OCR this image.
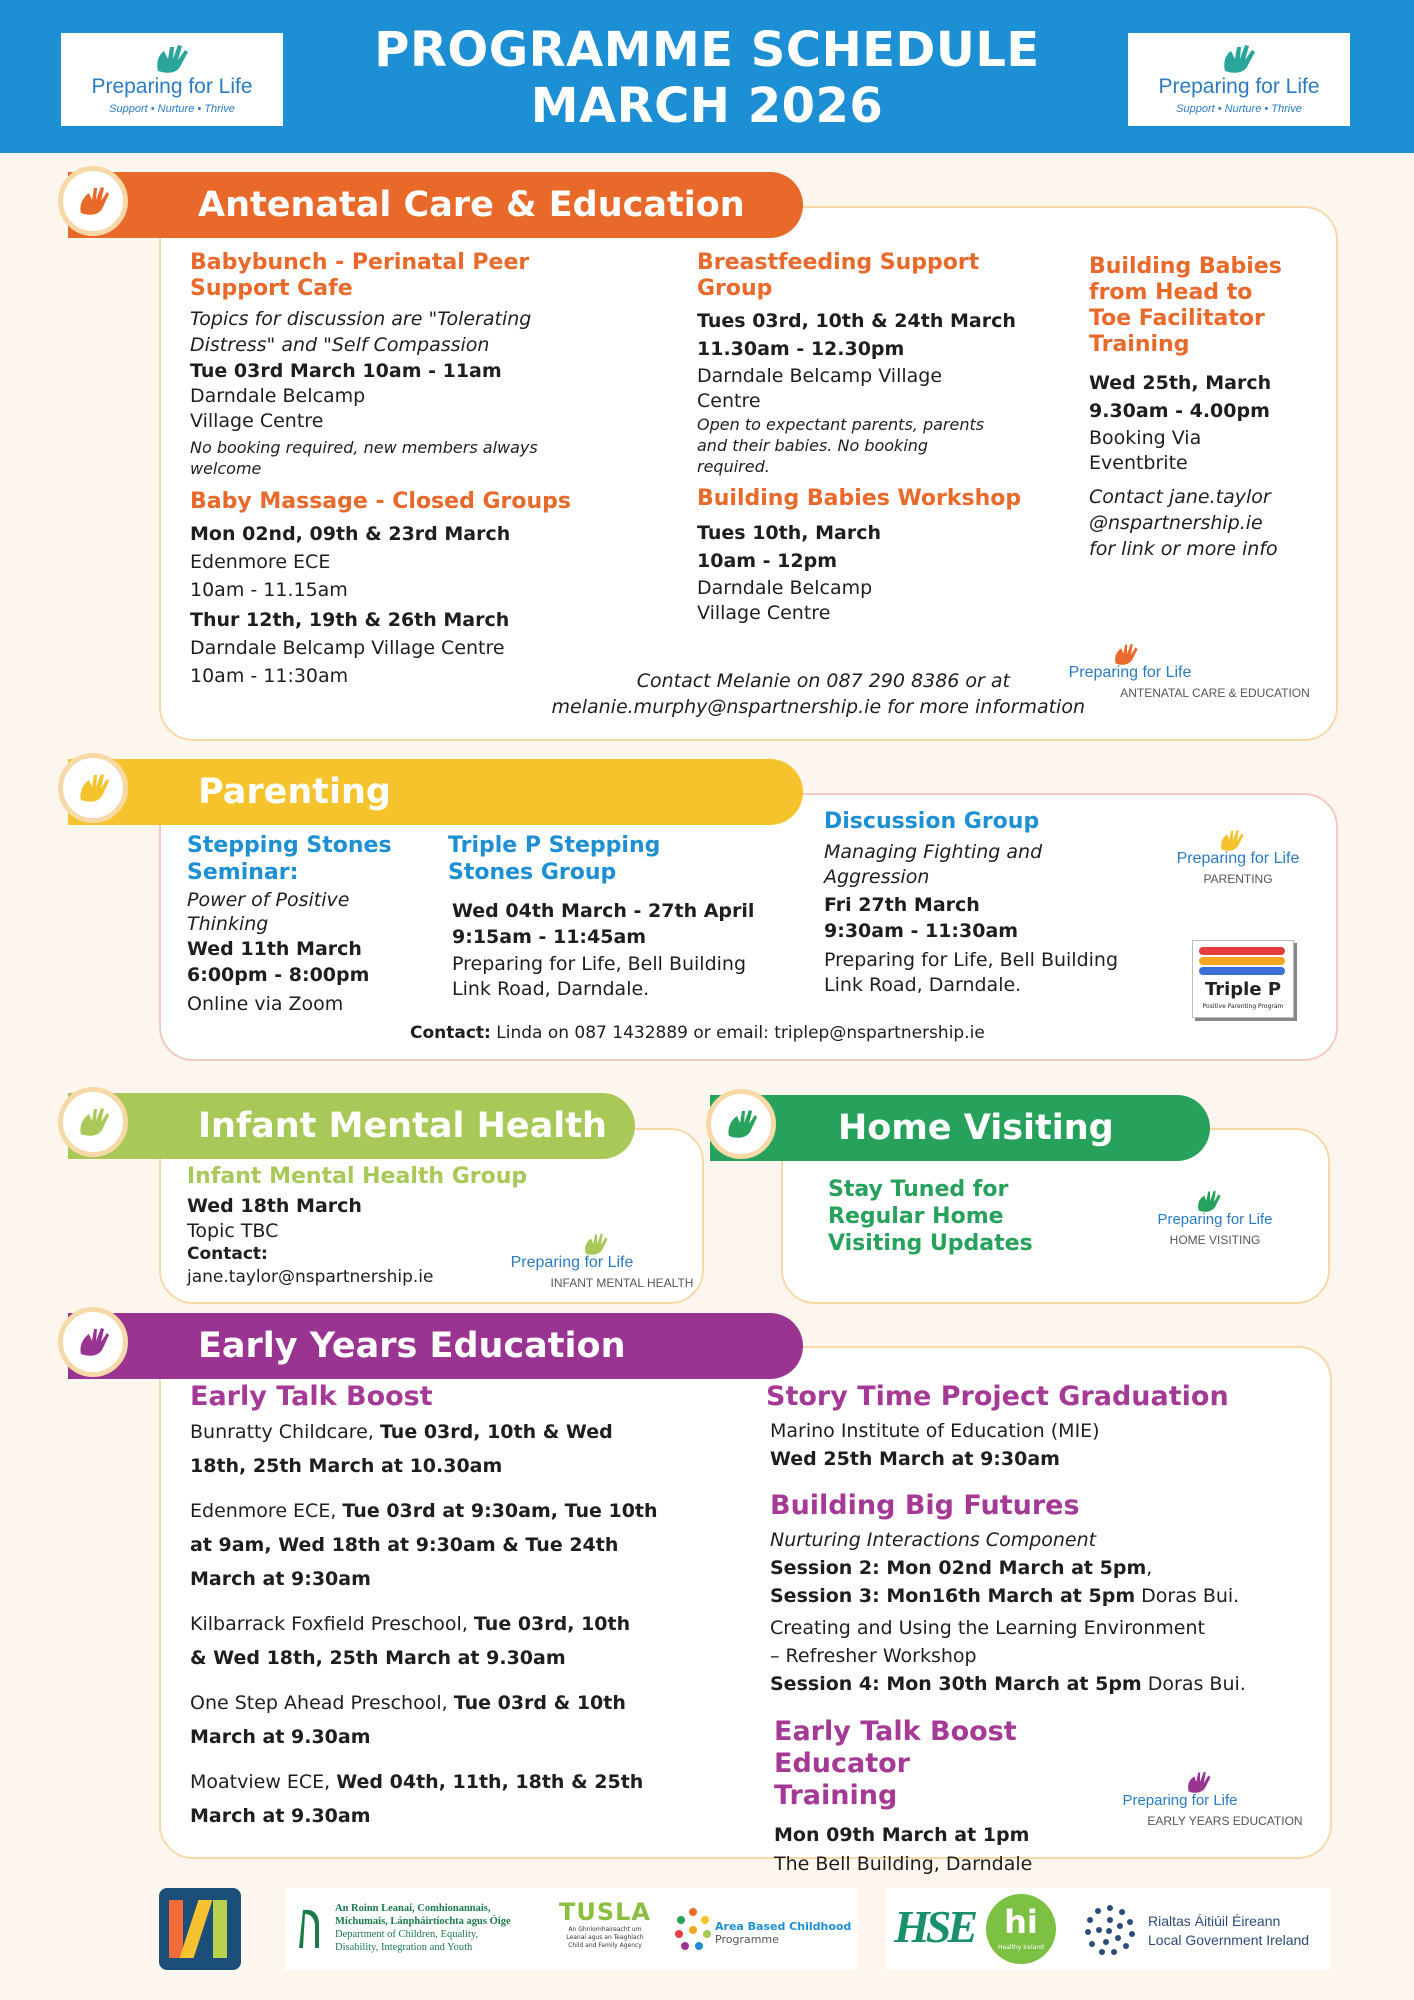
Preparing for Life
Support • Nurture • Thrive
PROGRAMME SCHEDULE
MARCH 2026	Preparing for Life
Support • Nurture • Thrive
Antenatal Care & Education
Babybunch - Perinatal Peer
Support Cafe
Topics for discussion are "Tolerating
Distress" and "Self Compassion
Tue 03rd March 10am - 11am
Darndale Belcamp
Village Centre
No booking required, new members always
welcome
Baby Massage - Closed Groups
Mon 02nd, 09th & 23rd March
Edenmore ECE
10am - 11.15am
Thur 12th, 19th & 26th March
Darndale Belcamp Village Centre
10am - 11:30am
Breastfeeding Support
Group
Tues 03rd, 10th & 24th March
11.30am - 12.30pm
Darndale Belcamp Village
Centre
Open to expectant parents, parents
and their babies. No booking
required.
Building Babies Workshop
Tues 10th, March
10am - 12pm
Darndale Belcamp
Village Centre
Building Babies
from Head to
Toe Facilitator
Training
Wed 25th, March
9.30am - 4.00pm
Booking Via
Eventbrite
Contact jane.taylor
@nspartnership.ie
for link or more info
Contact Melanie on 087 290 8386 or at
melanie.murphy@nspartnership.ie for more information
Preparing for Life
ANTENATAL CARE & EDUCATION
Parenting
Stepping Stones
Seminar:
Power of Positive
Thinking
Wed 11th March
6:00pm - 8:00pm
Online via Zoom
Triple P Stepping
Stones Group
Wed 04th March - 27th April
9:15am - 11:45am
Preparing for Life, Bell Building
Link Road, Darndale.
Discussion Group
Managing Fighting and
Aggression
Fri 27th March
9:30am - 11:30am
Preparing for Life, Bell Building
Link Road, Darndale.
Preparing for Life
PARENTING
Triple P
Positive Parenting Program
Contact: Linda on 087 1432889 or email: triplep@nspartnership.ie
Infant Mental Health
Infant Mental Health Group
Wed 18th March
Topic TBC
Contact:
jane.taylor@nspartnership.ie
Preparing for Life
INFANT MENTAL HEALTH
Home Visiting
Stay Tuned for
Regular Home
Visiting Updates
Preparing for Life
HOME VISITING
Early Years Education
Early Talk Boost
Bunratty Childcare, Tue 03rd, 10th & Wed
18th, 25th March at 10.30am
Edenmore ECE, Tue 03rd at 9:30am, Tue 10th
at 9am, Wed 18th at 9:30am & Tue 24th
March at 9:30am
Kilbarrack Foxfield Preschool, Tue 03rd, 10th
& Wed 18th, 25th March at 9.30am
One Step Ahead Preschool, Tue 03rd & 10th
March at 9.30am
Moatview ECE, Wed 04th, 11th, 18th & 25th
March at 9.30am
Story Time Project Graduation
Marino Institute of Education (MIE)
Wed 25th March at 9:30am
Building Big Futures
Nurturing Interactions Component
Session 2: Mon 02nd March at 5pm,
Session 3: Mon16th March at 5pm Doras Bui.
Creating and Using the Learning Environment
– Refresher Workshop
Session 4: Mon 30th March at 5pm Doras Bui.
Early Talk Boost Educator
Training
Mon 09th March at 1pm
The Bell Building, Darndale
Preparing for Life
EARLY YEARS EDUCATION
An Roinn Leanaí, Comhionannais,
Míchumais, Lánpháirtíochta agus Óige
Department of Children, Equality,
Disability, Integration and Youth
TUSLA
An Ghníomhaireacht um
Leanaí agus an Teaghlach
Child and Family Agency
Area Based Childhood
Programme	HSE hi
Healthy Ireland
Rialtas Áitiúil Éireann
Local Government Ireland
